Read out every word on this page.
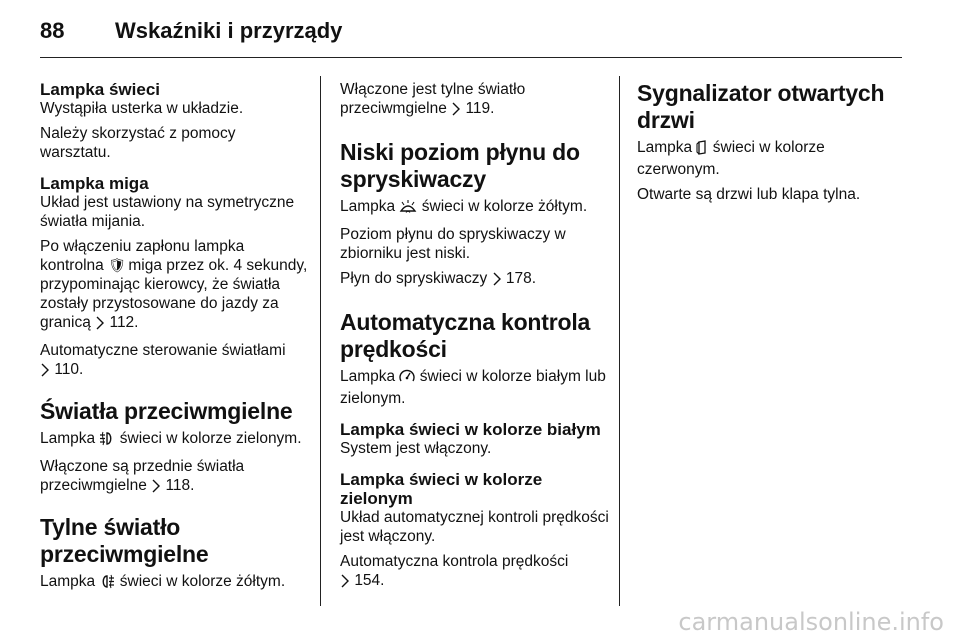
88 Wskaźniki i przyrządy
Lampka świeci

Wystąpiła usterka w układzie.

Należy skorzystać z pomocy warsztatu.

Lampka miga

Układ jest ustawiony na symetryczne światła mijania.

Po włączeniu zapłonu lampka kontrolna 🛡︎ miga przez ok. 4 sekundy, przypominając kierowcy, że światła zostały przystosowane do jazdy za granicą 112.

Automatyczne sterowanie światłami
110.

Światła przeciwmgielne

Lampka świeci w kolorze zielonym.

Włączone są przednie światła przeciwmgielne 118.

Tylne światło przeciwmgielne

Lampka świeci w kolorze żółtym.

Włączone jest tylne światło przeciwmgielne 119.

Niski poziom płynu do spryskiwaczy

Lampka świeci w kolorze żółtym.

Poziom płynu do spryskiwaczy w zbiorniku jest niski.

Płyn do spryskiwaczy 178.

Automatyczna kontrola prędkości

Lampka świeci w kolorze białym lub zielonym.

Lampka świeci w kolorze białym

System jest włączony.

Lampka świeci w kolorze zielonym

Układ automatycznej kontroli prędkości jest włączony.

Automatyczna kontrola prędkości
154.

Sygnalizator otwartych drzwi

Lampka świeci w kolorze czerwonym.

Otwarte są drzwi lub klapa tylna.

carmanualsonline.info
